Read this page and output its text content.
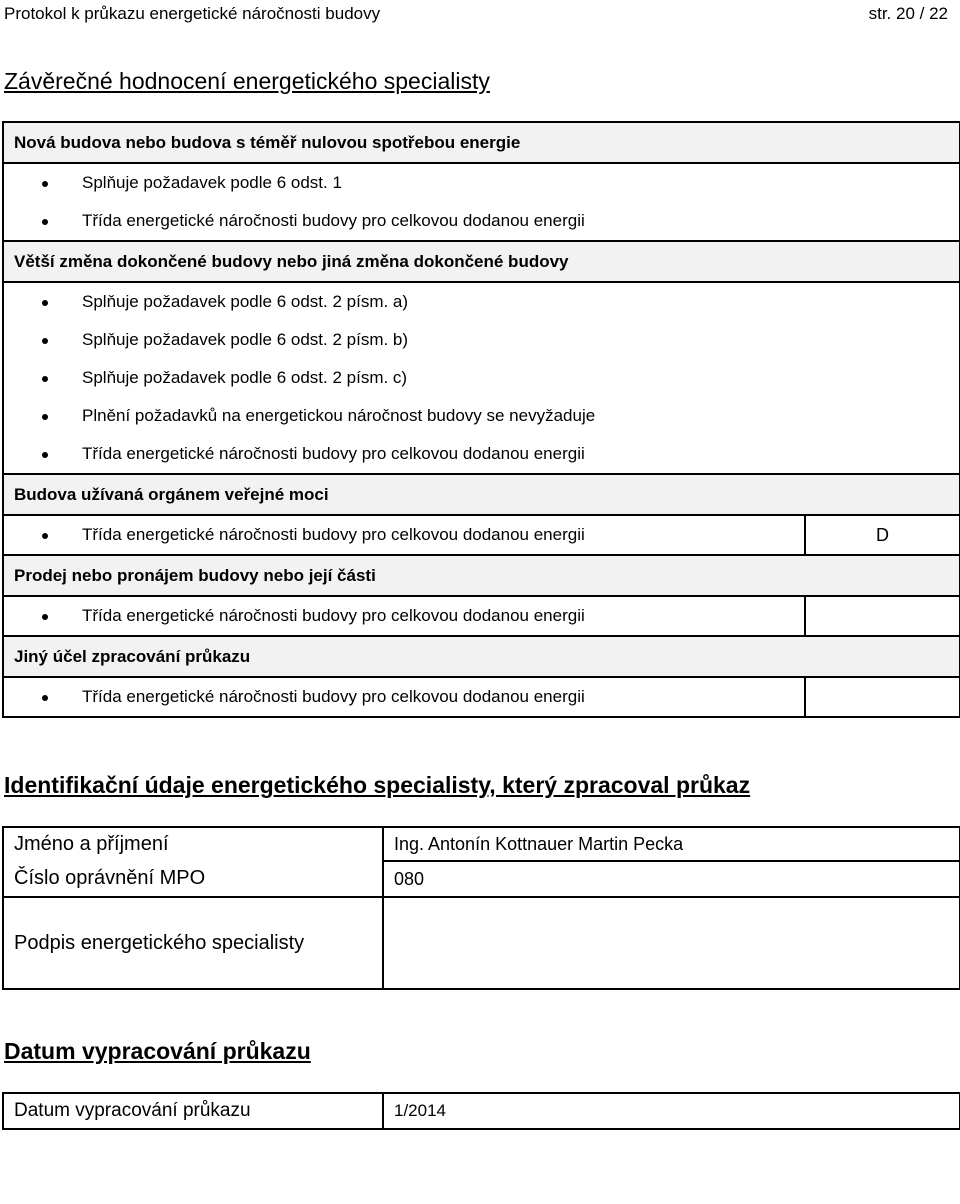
Protokol k průkazu energetické náročnosti budovy	str. 20 / 22
Závěrečné hodnocení energetického specialisty
Nová budova nebo budova s téměř nulovou spotřebou energie	
Splňuje požadavek podle 6 odst. 1	
Třída energetické náročnosti budovy pro celkovou dodanou energii	
Větší změna dokončené budovy nebo jiná změna dokončené budovy	
Splňuje požadavek podle 6 odst. 2 písm. a)	
Splňuje požadavek podle 6 odst. 2 písm. b)	
Splňuje požadavek podle 6 odst. 2 písm. c)	
Plnění požadavků na energetickou náročnost budovy se nevyžaduje	
Třída energetické náročnosti budovy pro celkovou dodanou energii	
Budova užívaná orgánem veřejné moci	
Třída energetické náročnosti budovy pro celkovou dodanou energii	D
Prodej nebo pronájem budovy nebo její části	
Třída energetické náročnosti budovy pro celkovou dodanou energii	
Jiný účel zpracování průkazu	
Třída energetické náročnosti budovy pro celkovou dodanou energii	
Identifikační údaje energetického specialisty, který zpracoval průkaz
Jméno a příjmení	Ing. Antonín Kottnauer Martin Pecka
Číslo oprávnění MPO	080
Podpis energetického specialisty	
Datum vypracování průkazu
Datum vypracování průkazu	1/2014
